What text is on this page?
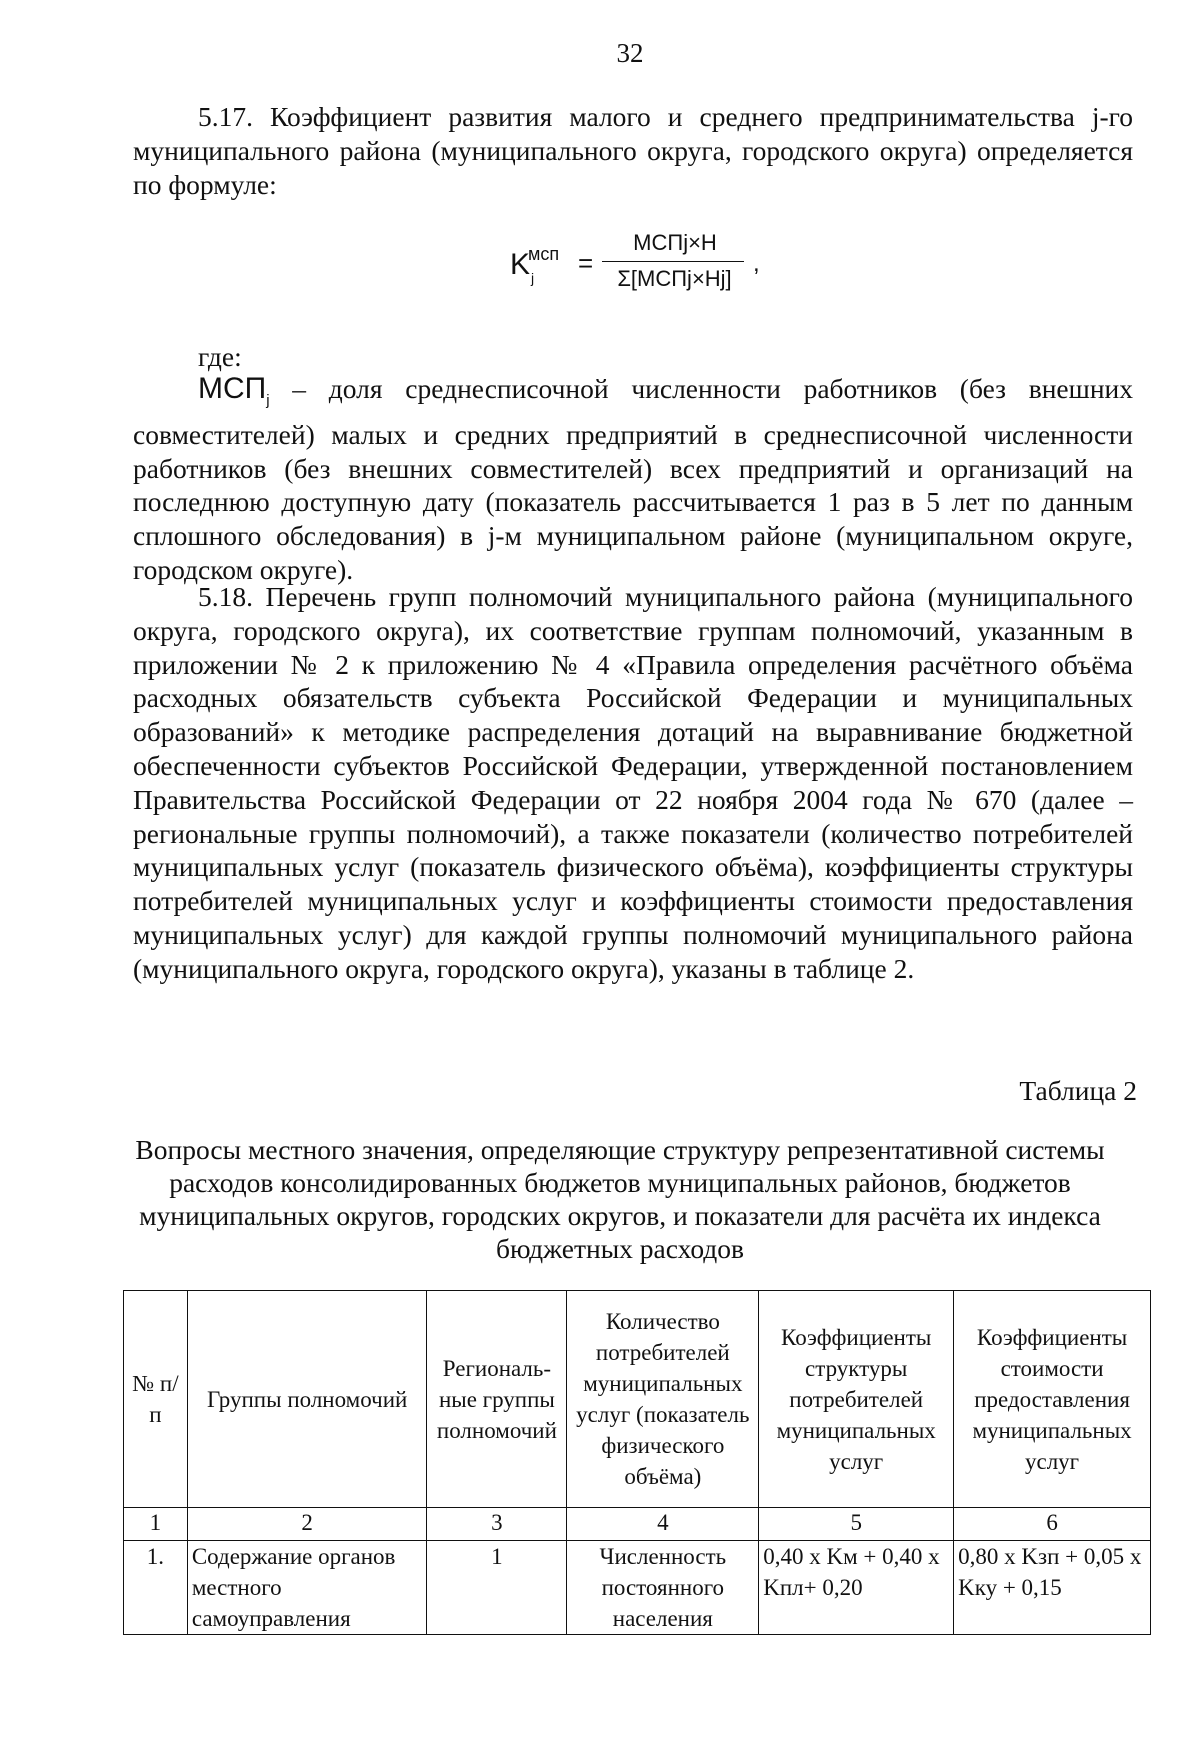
32

5.17. Коэффициент развития малого и среднего предпринимательства j-го муниципального района (муниципального округа, городского округа) определяется по формуле:

K
мсп
j =
МСПj×Н
Σ[МСПj×Нj]
,

где:

$МСП_j$ – доля среднесписочной численности работников (без внешних совместителей) малых и средних предприятий в среднесписочной численности работников (без внешних совместителей) всех предприятий и организаций на последнюю доступную дату (показатель рассчитывается 1 раз в 5 лет по данным сплошного обследования) в j-м муниципальном районе (муниципальном округе, городском округе).

5.18. Перечень групп полномочий муниципального района (муниципального округа, городского округа), их соответствие группам полномочий, указанным в приложении № 2 к приложению № 4 «Правила определения расчётного объёма расходных обязательств субъекта Российской Федерации и муниципальных образований» к методике распределения дотаций на выравнивание бюджетной обеспеченности субъектов Российской Федерации, утвержденной постановлением Правительства Российской Федерации от 22 ноября 2004 года № 670 (далее – региональные группы полномочий), а также показатели (количество потребителей муниципальных услуг (показатель физического объёма), коэффициенты структуры потребителей муниципальных услуг и коэффициенты стоимости предоставления муниципальных услуг) для каждой группы полномочий муниципального района (муниципального округа, городского округа), указаны в таблице 2.

Таблица 2
Вопросы местного значения, определяющие структуру репрезентативной системы расходов консолидированных бюджетов муниципальных районов, бюджетов муниципальных округов, городских округов, и показатели для расчёта их индекса бюджетных расходов
№ п/п	Группы полномочий	Региональ-ные группы полномочий	Количество потребителей муниципальных услуг (показатель физического объёма)	Коэффициенты структуры потребителей муниципальных услуг	Коэффициенты стоимости предоставления муниципальных услуг
1	2	3	4	5	6
1.	Содержание органов местного самоуправления	1	Численность постоянного населения	0,40 x Kм + 0,40 x Kпл+ 0,20	0,80 x Kзп + 0,05 x Kку + 0,15
